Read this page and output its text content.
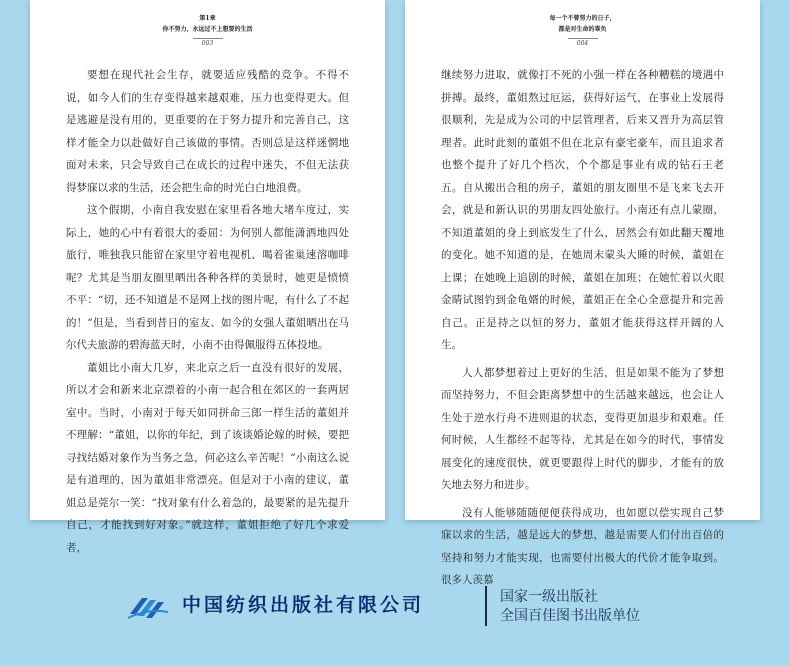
第1章
你不努力，永远过不上想要的生活
003

要想在现代社会生存，就要适应残酷的竞争。不得不说，如今人们的生存变得越来越艰难，压力也变得更大。但是逃避是没有用的，更重要的在于努力提升和完善自己，这样才能全力以赴做好自己该做的事情。否则总是这样迷惘地面对未来，只会导致自己在成长的过程中迷失，不但无法获得梦寐以求的生活，还会把生命的时光白白地浪费。

这个假期，小南自我安慰在家里看各地大堵车度过，实际上，她的心中有着很大的委屈：为何别人都能潇洒地四处旅行，唯独我只能留在家里守着电视机、喝着雀巢速溶咖啡呢？尤其是当朋友圈里晒出各种各样的美景时，她更是愤愤不平：“切，还不知道是不是网上找的图片呢，有什么了不起的！”但是，当看到昔日的室友、如今的女强人董姐晒出在马尔代夫旅游的碧海蓝天时，小南不由得佩服得五体投地。

董姐比小南大几岁，来北京之后一直没有很好的发展，所以才会和新来北京漂着的小南一起合租在郊区的一套两居室中。当时，小南对于每天如同拼命三郎一样生活的董姐并不理解：“董姐，以你的年纪，到了该谈婚论嫁的时候，要把寻找结婚对象作为当务之急，何必这么辛苦呢！”小南这么说是有道理的，因为董姐非常漂亮。但是对于小南的建议，董姐总是莞尔一笑：“找对象有什么着急的，最要紧的是先提升自己，才能找到好对象。”就这样，董姐拒绝了好几个求爱者，

每一个不曾努力的日子，
都是对生命的辜负
004

继续努力进取，就像打不死的小强一样在各种糟糕的境遇中拼搏。最终，董姐熬过厄运，获得好运气，在事业上发展得很顺利，先是成为公司的中层管理者，后来又晋升为高层管理者。此时此刻的董姐不但在北京有豪宅豪车，而且追求者也整个提升了好几个档次，个个都是事业有成的钻石王老五。自从搬出合租的房子，董姐的朋友圈里不是飞来飞去开会，就是和新认识的男朋友四处旅行。小南还有点儿蒙圈，不知道董姐的身上到底发生了什么，居然会有如此翻天覆地的变化。她不知道的是，在她周末蒙头大睡的时候，董姐在上课；在她晚上追剧的时候，董姐在加班；在她忙着以火眼金睛试图钓到金龟婿的时候，董姐正在全心全意提升和完善自己。正是持之以恒的努力，董姐才能获得这样开阔的人生。

人人都梦想着过上更好的生活，但是如果不能为了梦想而坚持努力，不但会距离梦想中的生活越来越远，也会让人生处于逆水行舟不进则退的状态，变得更加退步和艰难。任何时候，人生都经不起等待，尤其是在如今的时代，事情发展变化的速度很快，就更要跟得上时代的脚步，才能有的放矢地去努力和进步。

没有人能够随随便便获得成功，也如愿以偿实现自己梦寐以求的生活，越是远大的梦想，越是需要人们付出百倍的坚持和努力才能实现，也需要付出极大的代价才能争取到。很多人羡慕

中国纺织出版社有限公司	国家一级出版社
全国百佳图书出版单位
